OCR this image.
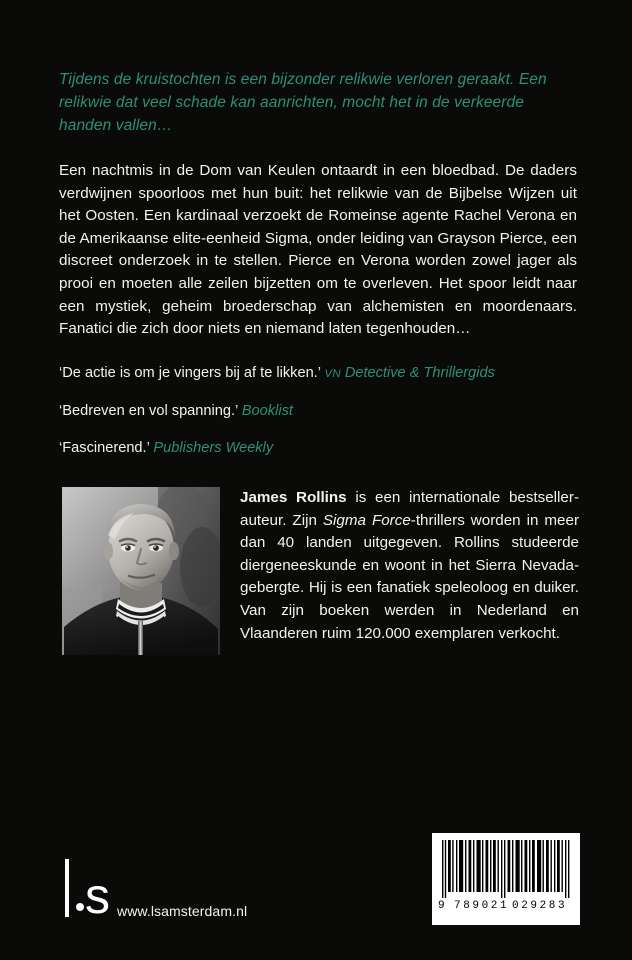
Tijdens de kruistochten is een bijzonder relikwie verloren geraakt. Een relikwie dat veel schade kan aanrichten, mocht het in de verkeerde handen vallen…
Een nachtmis in de Dom van Keulen ontaardt in een bloedbad. De daders verdwijnen spoorloos met hun buit: het relikwie van de Bijbelse Wijzen uit het Oosten. Een kardinaal verzoekt de Romeinse agente Rachel Verona en de Amerikaanse elite-eenheid Sigma, onder leiding van Grayson Pierce, een discreet onderzoek in te stellen. Pierce en Verona worden zowel jager als prooi en moeten alle zeilen bijzetten om te overleven. Het spoor leidt naar een mystiek, geheim broederschap van alchemisten en moordenaars. Fanatici die zich door niets en niemand laten tegenhouden…
‘De actie is om je vingers bij af te likken.’ VN Detective & Thrillergids
‘Bedreven en vol spanning.’ Booklist
‘Fascinerend.’ Publishers Weekly
James Rollins is een internationale bestseller-auteur. Zijn Sigma Force-thrillers worden in meer dan 40 landen uitgegeven. Rollins studeerde diergeneeskunde en woont in het Sierra Nevada-gebergte. Hij is een fanatiek speleoloog en duiker. Van zijn boeken werden in Nederland en Vlaanderen ruim 120.000 exemplaren verkocht.
s www.lsamsterdam.nl	9 789021 029283
